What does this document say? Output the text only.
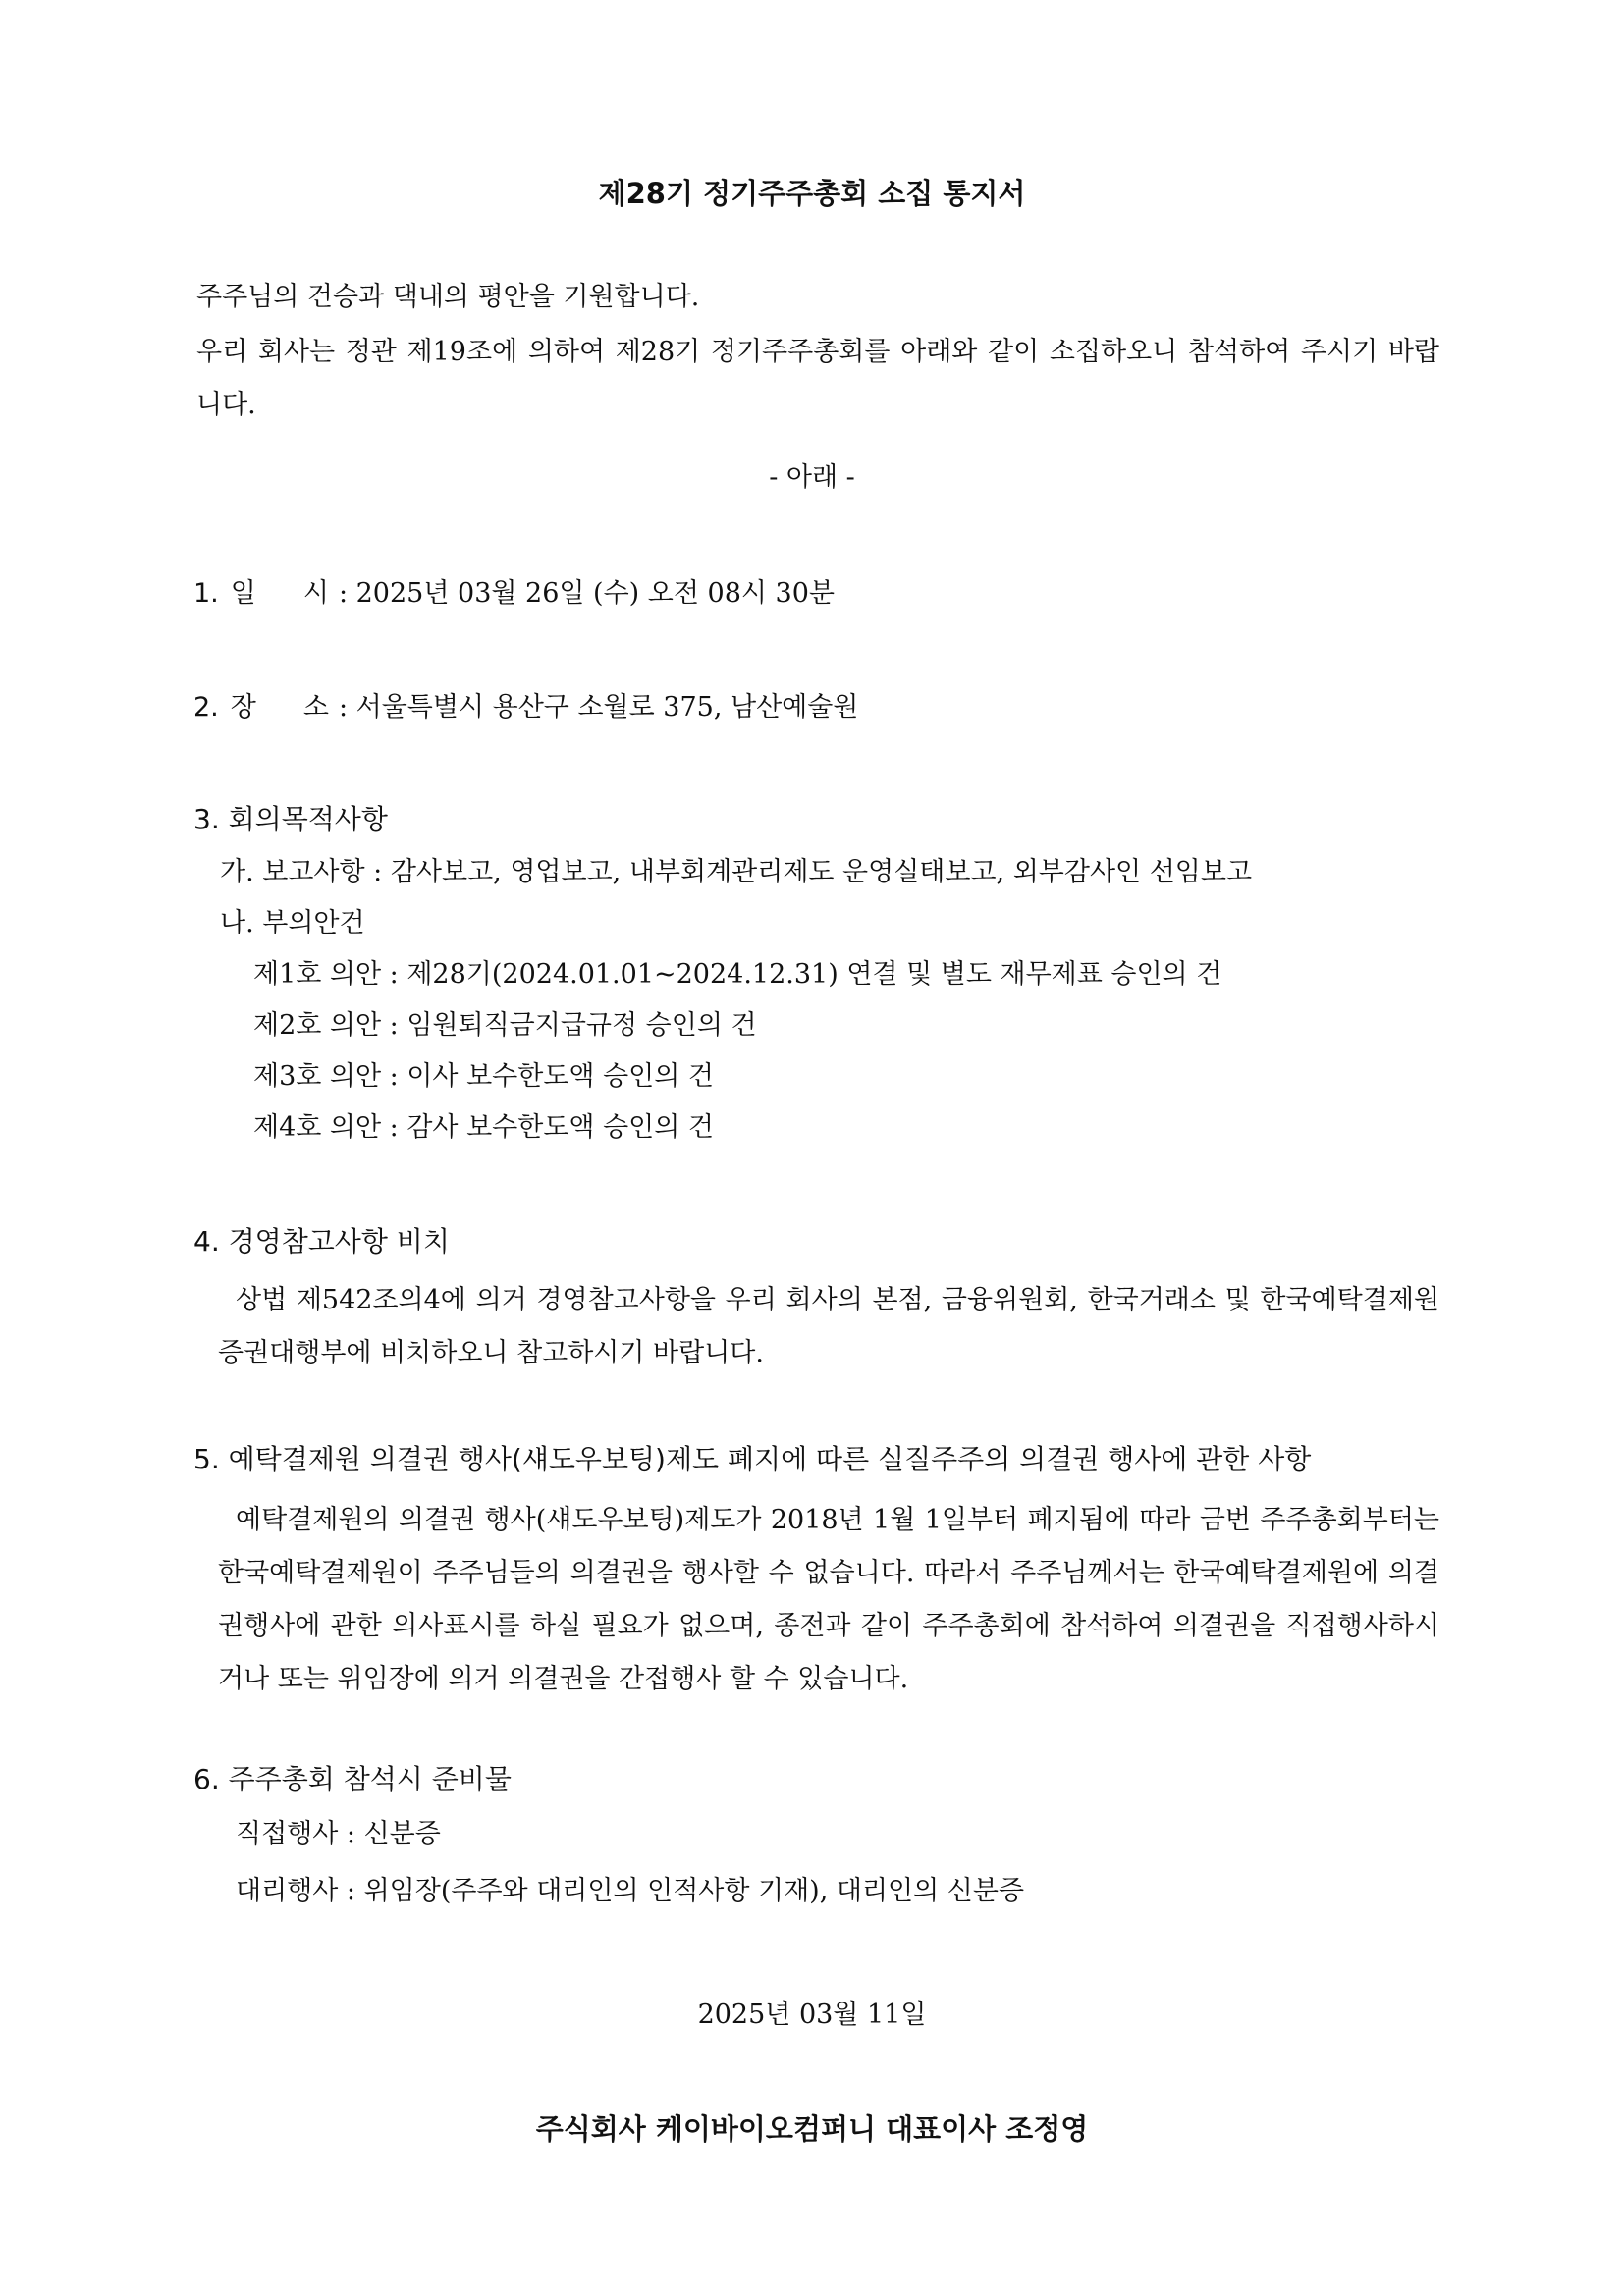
제28기 정기주주총회 소집 통지서
주주님의 건승과 댁내의 평안을 기원합니다.
우리 회사는 정관 제19조에 의하여 제28기 정기주주총회를 아래와 같이 소집하오니 참석하여 주시기 바랍니다.
- 아래 -
1. 일 시 : 2025년 03월 26일 (수) 오전 08시 30분
2. 장 소 : 서울특별시 용산구 소월로 375, 남산예술원
3. 회의목적사항
가. 보고사항 : 감사보고, 영업보고, 내부회계관리제도 운영실태보고, 외부감사인 선임보고
나. 부의안건
제1호 의안 : 제28기(2024.01.01~2024.12.31) 연결 및 별도 재무제표 승인의 건
제2호 의안 : 임원퇴직금지급규정 승인의 건
제3호 의안 : 이사 보수한도액 승인의 건
제4호 의안 : 감사 보수한도액 승인의 건
4. 경영참고사항 비치
상법 제542조의4에 의거 경영참고사항을 우리 회사의 본점, 금융위원회, 한국거래소 및 한국예탁결제원 증권대행부에 비치하오니 참고하시기 바랍니다.
5. 예탁결제원 의결권 행사(섀도우보팅)제도 폐지에 따른 실질주주의 의결권 행사에 관한 사항
예탁결제원의 의결권 행사(섀도우보팅)제도가 2018년 1월 1일부터 폐지됨에 따라 금번 주주총회부터는 한국예탁결제원이 주주님들의 의결권을 행사할 수 없습니다. 따라서 주주님께서는 한국예탁결제원에 의결권행사에 관한 의사표시를 하실 필요가 없으며, 종전과 같이 주주총회에 참석하여 의결권을 직접행사하시거나 또는 위임장에 의거 의결권을 간접행사 할 수 있습니다.
6. 주주총회 참석시 준비물
직접행사 : 신분증
대리행사 : 위임장(주주와 대리인의 인적사항 기재), 대리인의 신분증
2025년 03월 11일
주식회사 케이바이오컴퍼니 대표이사 조정영
